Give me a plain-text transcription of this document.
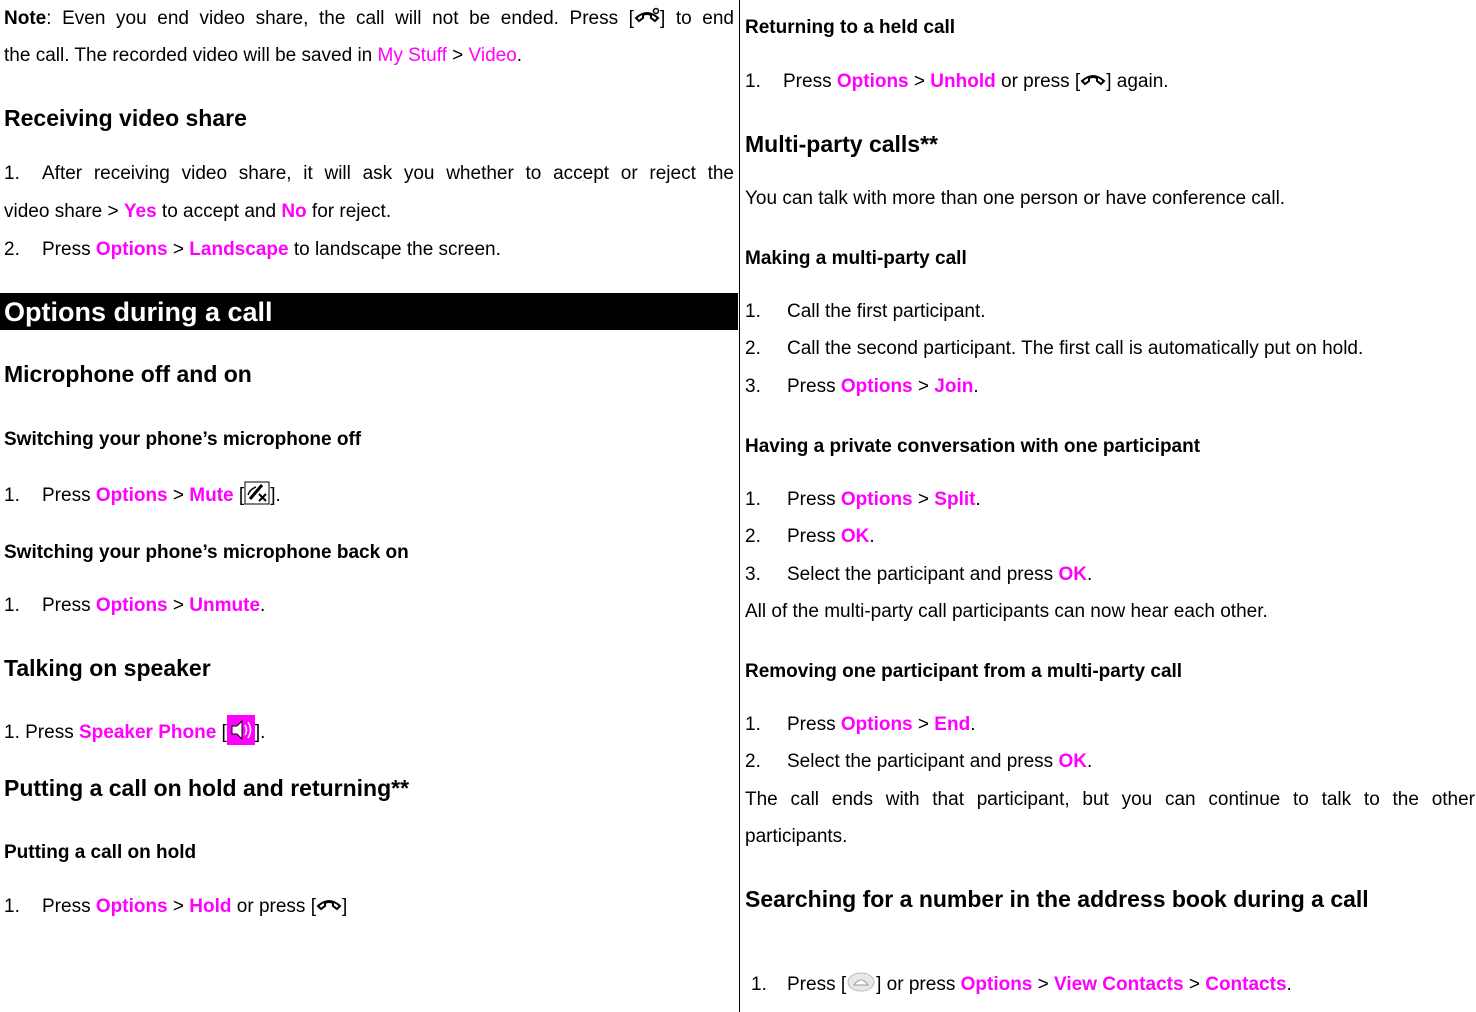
Note: Even you end video share, the call will not be ended. Press [ ] to end
the call. The recorded video will be saved in My Stuff > Video.
Receiving video share
1. After receiving video share, it will ask you whether to accept or reject the
video share > Yes to accept and No for reject.
2. Press Options > Landscape to landscape the screen.
Options during a call
Microphone off and on
Switching your phone’s microphone off
1. Press Options > Mute [ ].
Switching your phone’s microphone back on
1. Press Options > Unmute.
Talking on speaker
1. Press Speaker Phone [ ].
Putting a call on hold and returning**
Putting a call on hold
1. Press Options > Hold or press [ ]
Returning to a held call
1. Press Options > Unhold or press [ ] again.
Multi-party calls**
You can talk with more than one person or have conference call.
Making a multi-party call
1. Call the first participant.
2. Call the second participant. The first call is automatically put on hold.
3. Press Options > Join.
Having a private conversation with one participant
1. Press Options > Split.
2. Press OK.
3. Select the participant and press OK.
All of the multi-party call participants can now hear each other.
Removing one participant from a multi-party call
1. Press Options > End.
2. Select the participant and press OK.
The call ends with that participant, but you can continue to talk to the other
participants.
Searching for a number in the address book during a call
1. Press [ ] or press Options > View Contacts > Contacts.
